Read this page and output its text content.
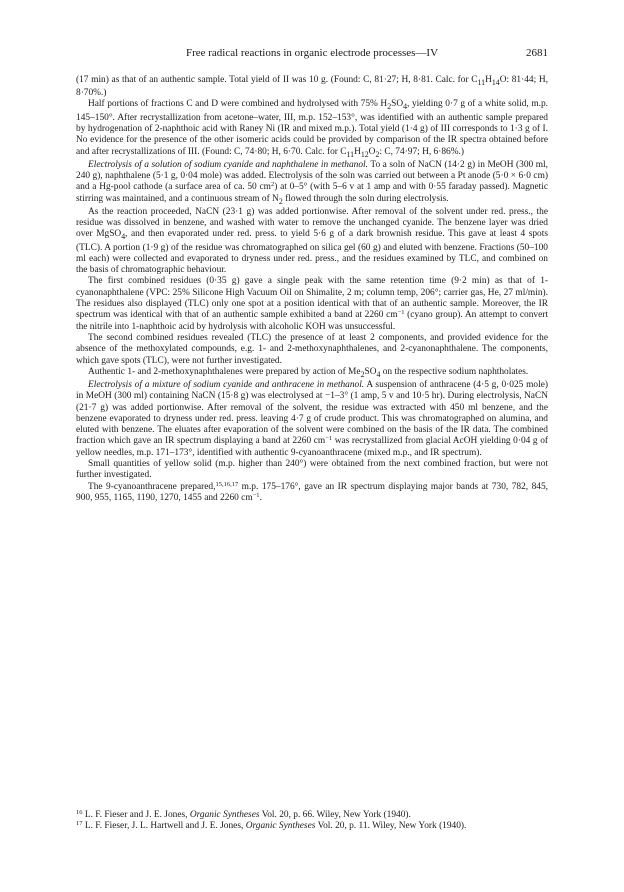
Free radical reactions in organic electrode processes—IV	2681

(17 min) as that of an authentic sample. Total yield of II was 10 g. (Found: C, 81·27; H, 8·81. Calc. for $C_{11}H_{14}O$: 81·44; H, 8·70%.)

Half portions of fractions C and D were combined and hydrolysed with 75% $H_2SO_4$, yielding 0·7 g of a white solid, m.p. 145–150°. After recrystallization from acetone–water, III, m.p. 152–153°, was identified with an authentic sample prepared by hydrogenation of 2-naphthoic acid with Raney Ni (IR and mixed m.p.). Total yield (1·4 g) of III corresponds to 1·3 g of I. No evidence for the presence of the other isomeric acids could be provided by comparison of the IR spectra obtained before and after recrystallizations of III. (Found: C, 74·80; H, 6·70. Calc. for $C_{11}H_{12}O_2$: C, 74·97; H, 6·86%.)

Electrolysis of a solution of sodium cyanide and naphthalene in methanol. To a soln of NaCN (14·2 g) in MeOH (300 ml, 240 g), naphthalene (5·1 g, 0·04 mole) was added. Electrolysis of the soln was carried out between a Pt anode (5·0 × 6·0 cm) and a Hg-pool cathode (a surface area of ca. 50 $cm^2$) at 0–5° (with 5–6 v at 1 amp and with 0·55 faraday passed). Magnetic stirring was maintained, and a continuous stream of $N_2$ flowed through the soln during electrolysis.

As the reaction proceeded, NaCN (23·1 g) was added portionwise. After removal of the solvent under red. press., the residue was dissolved in benzene, and washed with water to remove the unchanged cyanide. The benzene layer was dried over MgSO$_4$, and then evaporated under red. press. to yield 5·6 g of a dark brownish residue. This gave at least 4 spots (TLC). A portion (1·9 g) of the residue was chromatographed on silica gel (60 g) and eluted with benzene. Fractions (50–100 ml each) were collected and evaporated to dryness under red. press., and the residues examined by TLC, and combined on the basis of chromatographic behaviour.

The first combined residues (0·35 g) gave a single peak with the same retention time (9·2 min) as that of 1-cyanonaphthalene (VPC: 25% Silicone High Vacuum Oil on Shimalite, 2 m; column temp, 206°; carrier gas, He, 27 ml/min). The residues also displayed (TLC) only one spot at a position identical with that of an authentic sample. Moreover, the IR spectrum was identical with that of an authentic sample exhibited a band at 2260 $cm^{-1}$ (cyano group). An attempt to convert the nitrile into 1-naphthoic acid by hydrolysis with alcoholic KOH was unsuccessful.

The second combined residues revealed (TLC) the presence of at least 2 components, and provided evidence for the absence of the methoxylated compounds, e.g. 1- and 2-methoxynaphthalenes, and 2-cyanonaphthalene. The components, which gave spots (TLC), were not further investigated.

Authentic 1- and 2-methoxynaphthalenes were prepared by action of $Me_2SO_4$ on the respective sodium naphtholates.

Electrolysis of a mixture of sodium cyanide and anthracene in methanol. A suspension of anthracene (4·5 g, 0·025 mole) in MeOH (300 ml) containing NaCN (15·8 g) was electrolysed at −1–3° (1 amp, 5 v and 10·5 hr). During electrolysis, NaCN (21·7 g) was added portionwise. After removal of the solvent, the residue was extracted with 450 ml benzene, and the benzene evaporated to dryness under red. press. leaving 4·7 g of crude product. This was chromatographed on alumina, and eluted with benzene. The eluates after evaporation of the solvent were combined on the basis of the IR data. The combined fraction which gave an IR spectrum displaying a band at 2260 $cm^{-1}$ was recrystallized from glacial AcOH yielding 0·04 g of yellow needles, m.p. 171–173°, identified with authentic 9-cyanoanthracene (mixed m.p., and IR spectrum).

Small quantities of yellow solid (m.p. higher than 240°) were obtained from the next combined fraction, but were not further investigated.

The 9-cyanoanthracene prepared,$^{15,16,17}$ m.p. 175–176°, gave an IR spectrum displaying major bands at 730, 782, 845, 900, 955, 1165, 1190, 1270, 1455 and 2260 $cm^{-1}$.

$^{16}$ L. F. Fieser and J. E. Jones, Organic Syntheses Vol. 20, p. 66. Wiley, New York (1940).

$^{17}$ L. F. Fieser, J. L. Hartwell and J. E. Jones, Organic Syntheses Vol. 20, p. 11. Wiley, New York (1940).
